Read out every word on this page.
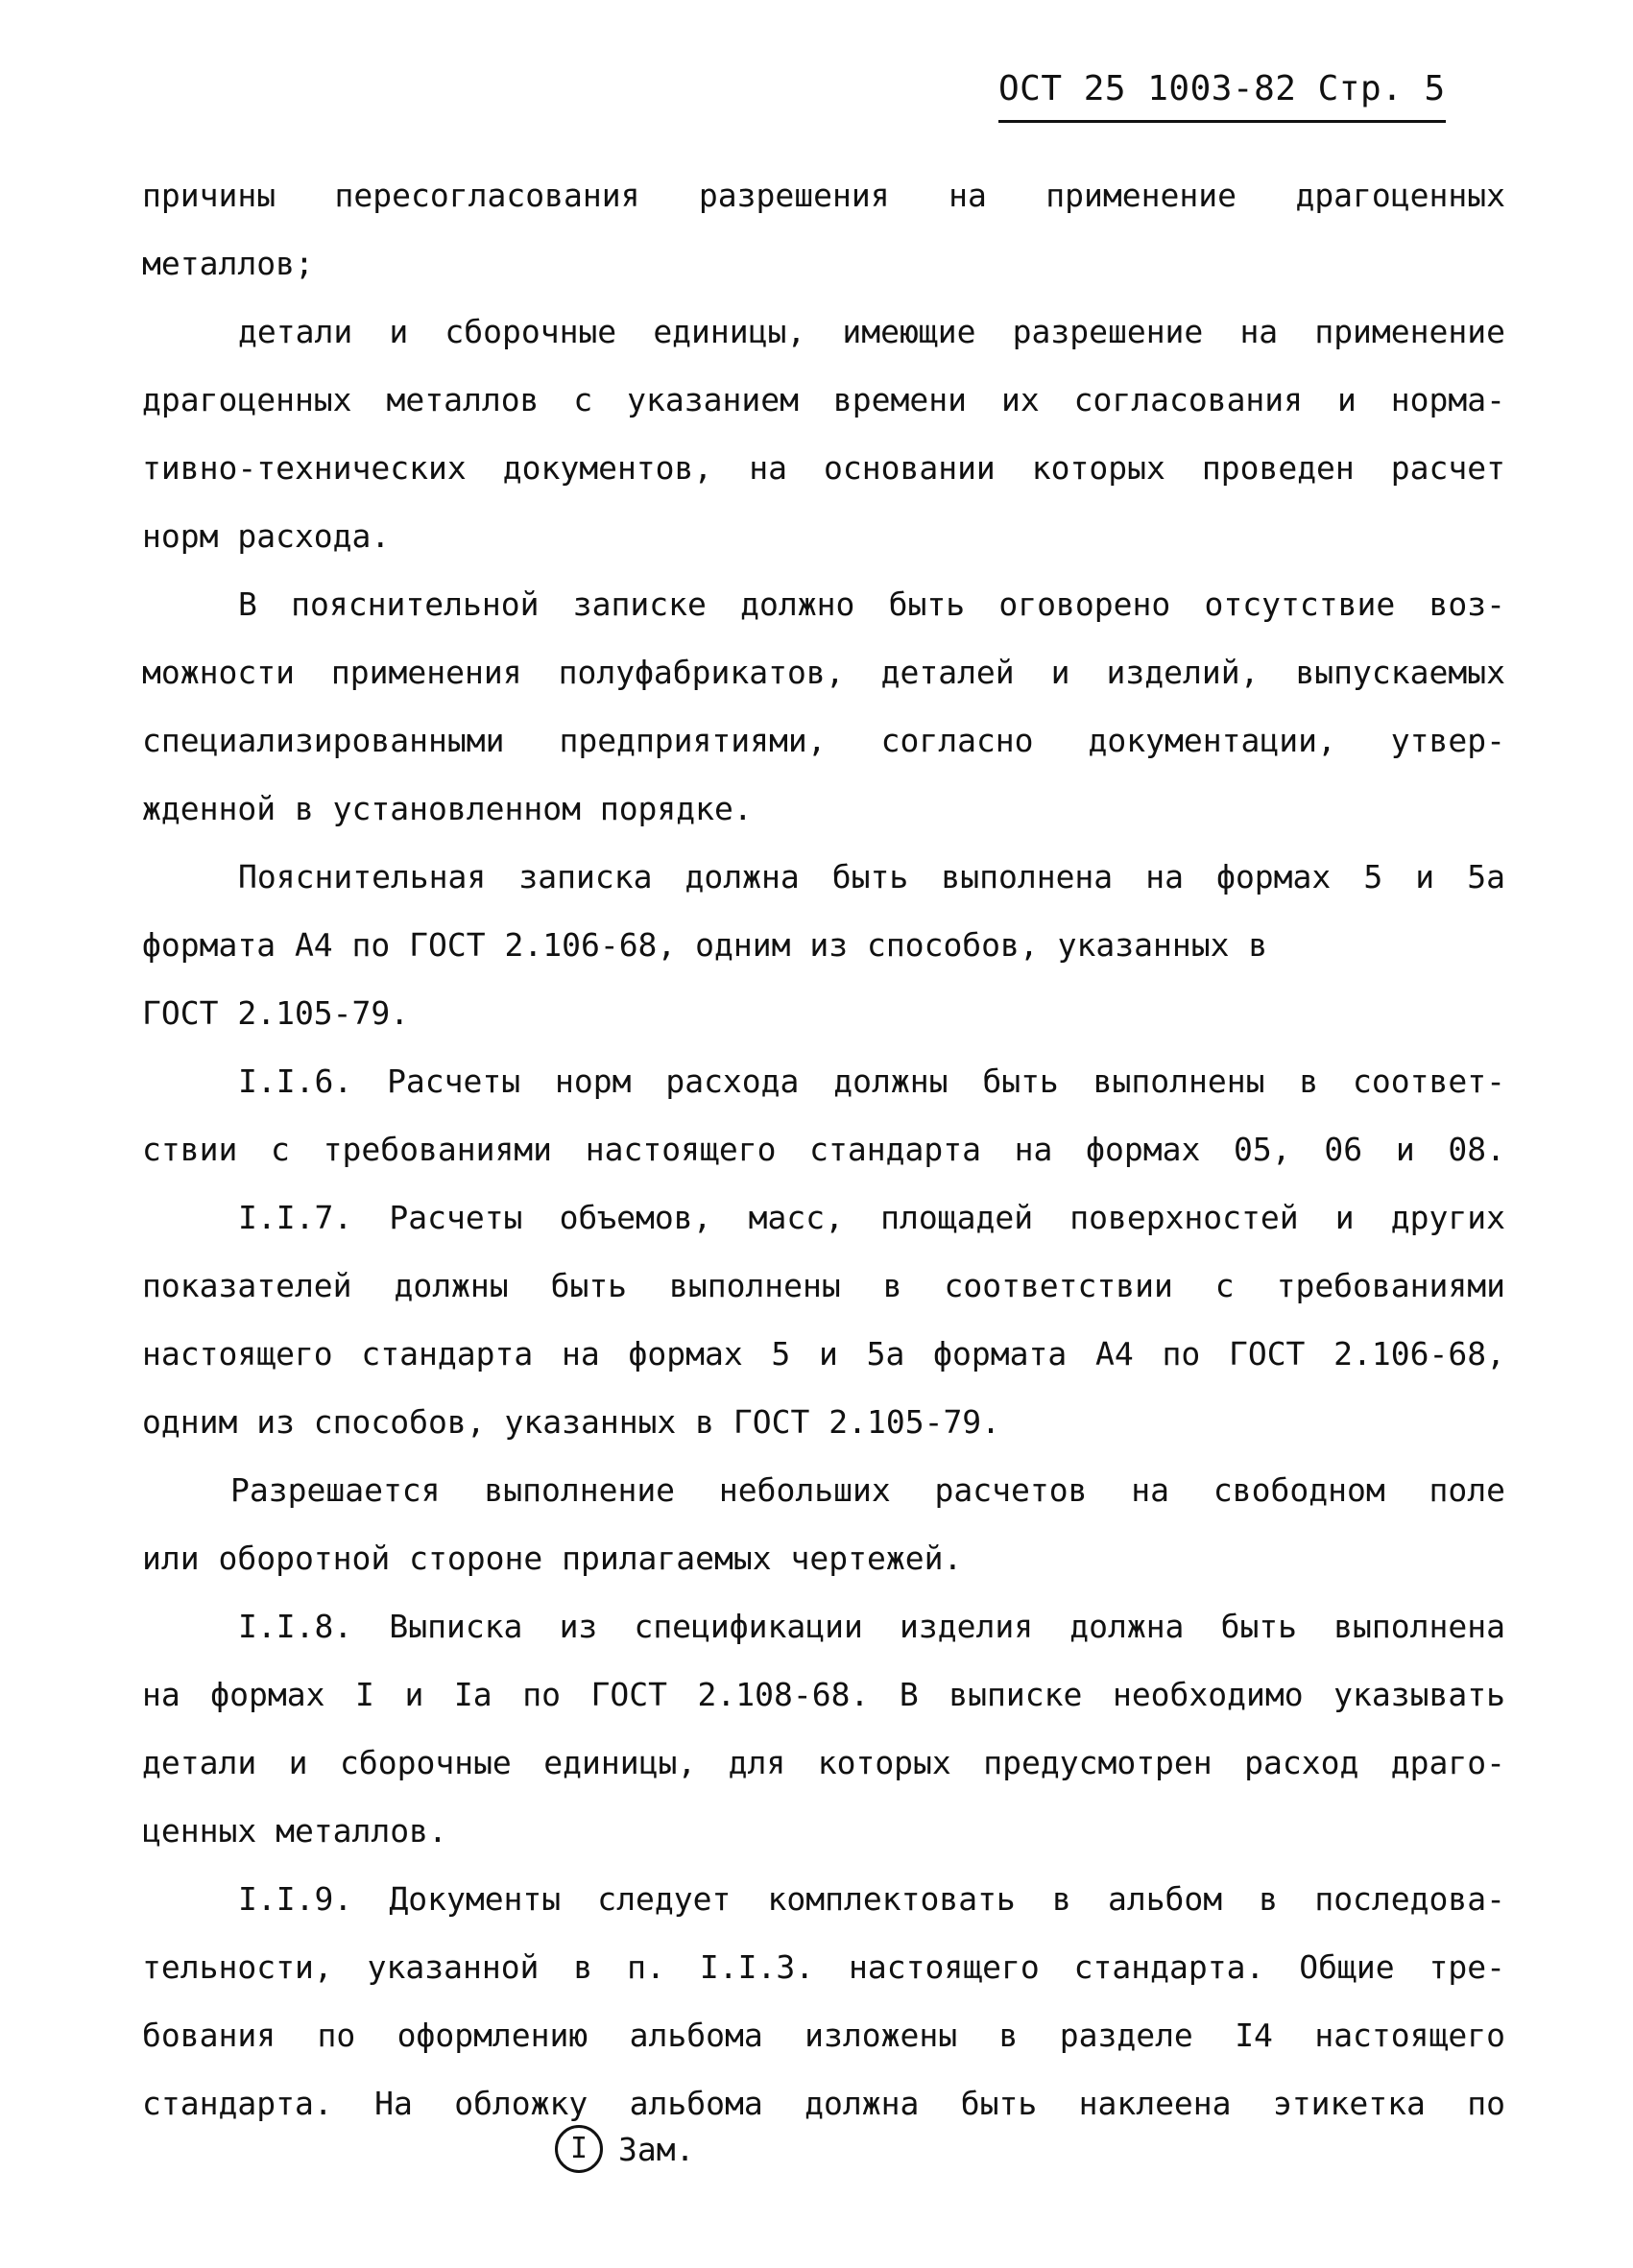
ОСТ 25 1003-82 Стр. 5
причины пересогласования разрешения на применение драгоценных
металлов;
детали и сборочные единицы, имеющие разрешение на применение
драгоценных металлов с указанием времени их согласования и норма-
тивно-технических документов, на основании которых проведен расчет
норм расхода.
В пояснительной записке должно быть оговорено отсутствие воз-
можности применения полуфабрикатов, деталей и изделий, выпускаемых
специализированными предприятиями, согласно документации, утвер-
жденной в установленном порядке.
Пояснительная записка должна быть выполнена на формах 5 и 5а
формата А4 по ГОСТ 2.106-68, одним из способов, указанных в
ГОСТ 2.105-79.
I.I.6. Расчеты норм расхода должны быть выполнены в соответ-
ствии с требованиями настоящего стандарта на формах 05, 06 и 08.
I.I.7. Расчеты объемов, масс, площадей поверхностей и других
показателей должны быть выполнены в соответствии с требованиями
настоящего стандарта на формах 5 и 5а формата А4 по ГОСТ 2.106-68,
одним из способов, указанных в ГОСТ 2.105-79.
Разрешается выполнение небольших расчетов на свободном поле
или оборотной стороне прилагаемых чертежей.
I.I.8. Выписка из спецификации изделия должна быть выполнена
на формах I и Iа по ГОСТ 2.108-68. В выписке необходимо указывать
детали и сборочные единицы, для которых предусмотрен расход драго-
ценных металлов.
I.I.9. Документы следует комплектовать в альбом в последова-
тельности, указанной в п. I.I.3. настоящего стандарта. Общие тре-
бования по оформлению альбома изложены в разделе I4 настоящего
стандарта. На обложку альбома должна быть наклеена этикетка по
I Зам.
